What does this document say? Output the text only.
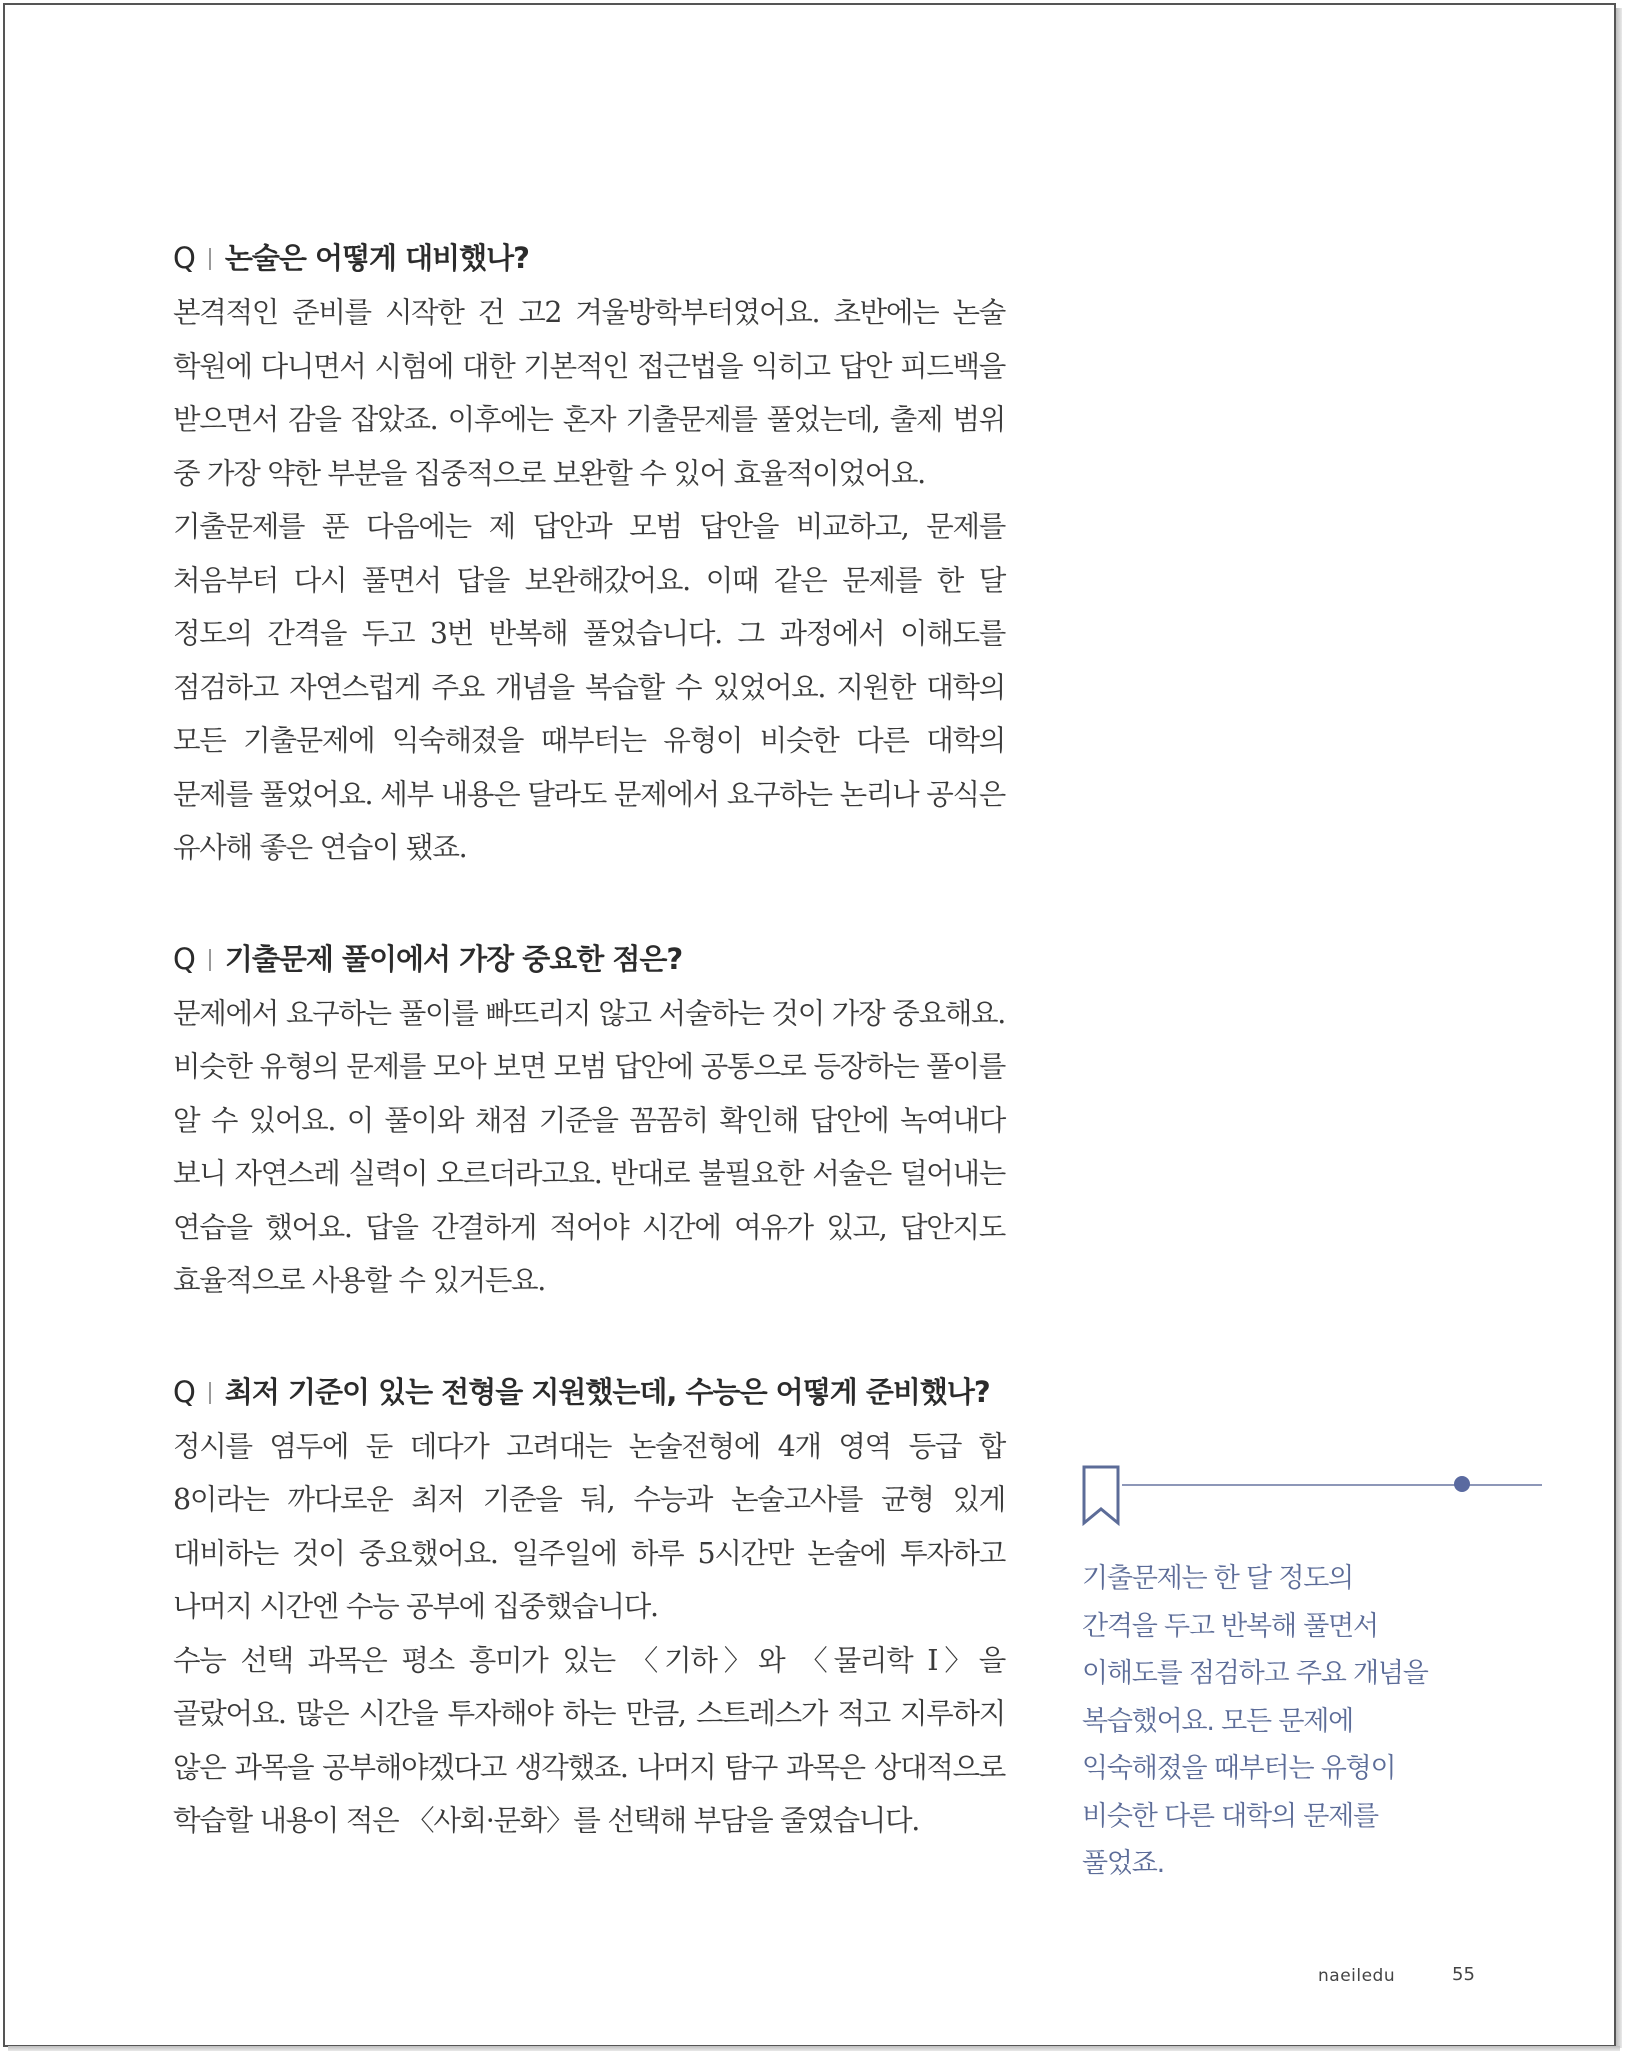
Q 논술은 어떻게 대비했나?

본격적인 준비를 시작한 건 고2 겨울방학부터였어요. 초반에는 논술 학원에 다니면서 시험에 대한 기본적인 접근법을 익히고 답안 피드백을 받으면서 감을 잡았죠. 이후에는 혼자 기출문제를 풀었는데, 출제 범위 중 가장 약한 부분을 집중적으로 보완할 수 있어 효율적이었어요.

기출문제를 푼 다음에는 제 답안과 모범 답안을 비교하고, 문제를 처음부터 다시 풀면서 답을 보완해갔어요. 이때 같은 문제를 한 달 정도의 간격을 두고 3번 반복해 풀었습니다. 그 과정에서 이해도를 점검하고 자연스럽게 주요 개념을 복습할 수 있었어요. 지원한 대학의 모든 기출문제에 익숙해졌을 때부터는 유형이 비슷한 다른 대학의 문제를 풀었어요. 세부 내용은 달라도 문제에서 요구하는 논리나 공식은 유사해 좋은 연습이 됐죠.

Q 기출문제 풀이에서 가장 중요한 점은?

문제에서 요구하는 풀이를 빠뜨리지 않고 서술하는 것이 가장 중요해요. 비슷한 유형의 문제를 모아 보면 모범 답안에 공통으로 등장하는 풀이를 알 수 있어요. 이 풀이와 채점 기준을 꼼꼼히 확인해 답안에 녹여내다 보니 자연스레 실력이 오르더라고요. 반대로 불필요한 서술은 덜어내는 연습을 했어요. 답을 간결하게 적어야 시간에 여유가 있고, 답안지도 효율적으로 사용할 수 있거든요.

Q 최저 기준이 있는 전형을 지원했는데, 수능은 어떻게 준비했나?

정시를 염두에 둔 데다가 고려대는 논술전형에 4개 영역 등급 합 8이라는 까다로운 최저 기준을 둬, 수능과 논술고사를 균형 있게 대비하는 것이 중요했어요. 일주일에 하루 5시간만 논술에 투자하고 나머지 시간엔 수능 공부에 집중했습니다.

수능 선택 과목은 평소 흥미가 있는 〈기하〉와 〈물리학 Ⅰ〉을 골랐어요. 많은 시간을 투자해야 하는 만큼, 스트레스가 적고 지루하지 않은 과목을 공부해야겠다고 생각했죠. 나머지 탐구 과목은 상대적으로 학습할 내용이 적은 〈사회·문화〉를 선택해 부담을 줄였습니다.

기출문제는 한 달 정도의
간격을 두고 반복해 풀면서
이해도를 점검하고 주요 개념을
복습했어요. 모든 문제에
익숙해졌을 때부터는 유형이
비슷한 다른 대학의 문제를
풀었죠.

naeiledu	55
